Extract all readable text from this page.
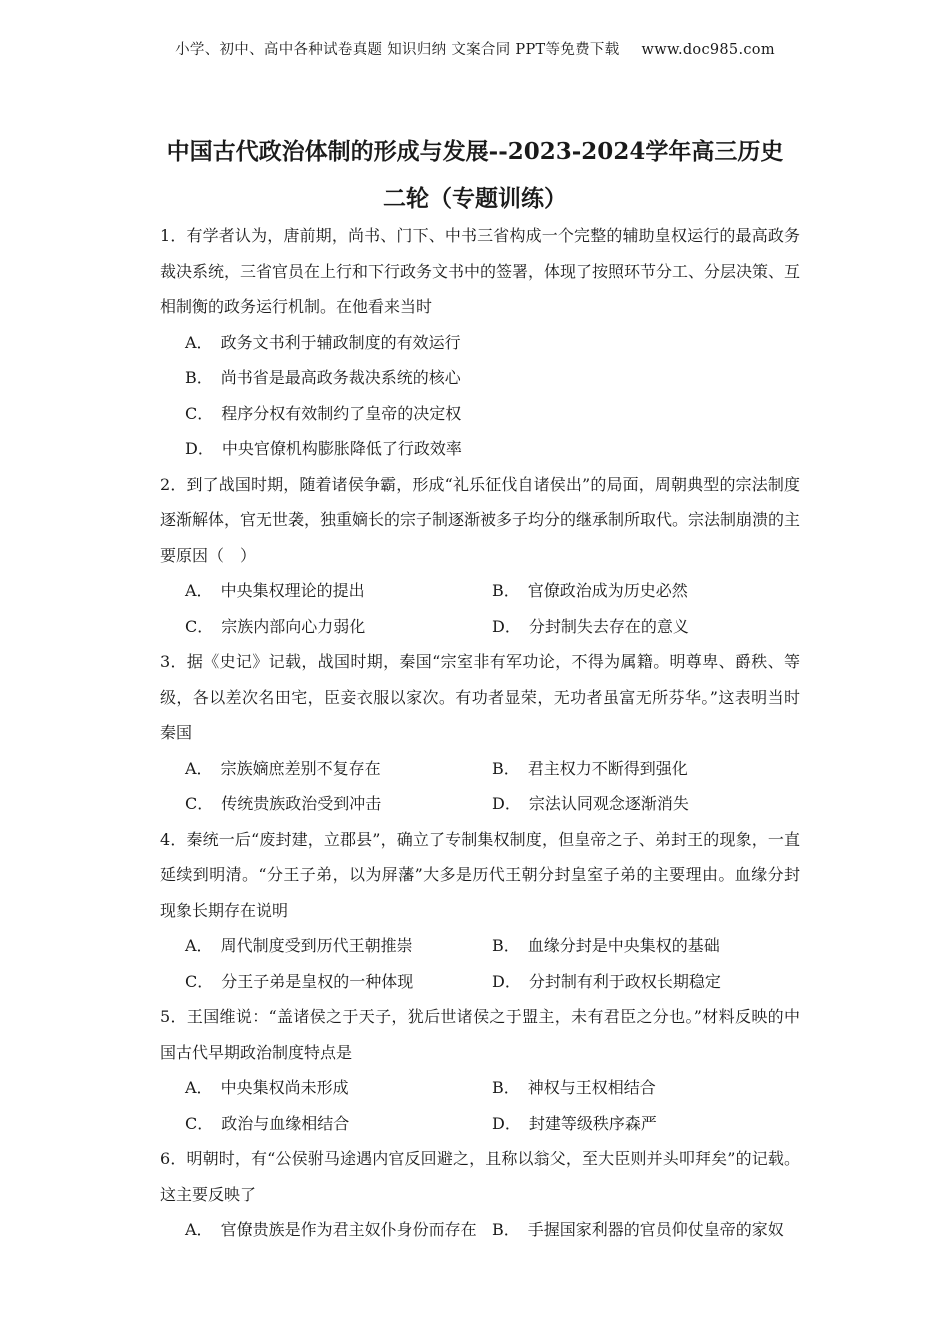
小学、初中、高中各种试卷真题 知识归纳 文案合同 PPT等免费下载 www.doc985.com
中国古代政治体制的形成与发展--2023-2024学年高三历史
二轮（专题训练）

1．有学者认为，唐前期，尚书、门下、中书三省构成一个完整的辅助皇权运行的最高政务裁决系统，三省官员在上行和下行政务文书中的签署，体现了按照环节分工、分层决策、互相制衡的政务运行机制。在他看来当时

A． 政务文书利于辅政制度的有效运行
B． 尚书省是最高政务裁决系统的核心
C． 程序分权有效制约了皇帝的决定权
D． 中央官僚机构膨胀降低了行政效率

2．到了战国时期，随着诸侯争霸，形成“礼乐征伐自诸侯出”的局面，周朝典型的宗法制度逐渐解体，官无世袭，独重嫡长的宗子制逐渐被多子均分的继承制所取代。宗法制崩溃的主要原因（　）

A． 中央集权理论的提出	B． 官僚政治成为历史必然
C． 宗族内部向心力弱化	D． 分封制失去存在的意义

3．据《史记》记载，战国时期，秦国“宗室非有军功论，不得为属籍。明尊卑、爵秩、等级，各以差次名田宅，臣妾衣服以家次。有功者显荣，无功者虽富无所芬华。”这表明当时秦国

A． 宗族嫡庶差别不复存在	B． 君主权力不断得到强化
C． 传统贵族政治受到冲击	D． 宗法认同观念逐渐消失

4．秦统一后“废封建，立郡县”，确立了专制集权制度，但皇帝之子、弟封王的现象，一直延续到明清。“分王子弟，以为屏藩”大多是历代王朝分封皇室子弟的主要理由。血缘分封现象长期存在说明

A． 周代制度受到历代王朝推崇	B． 血缘分封是中央集权的基础
C． 分王子弟是皇权的一种体现	D． 分封制有利于政权长期稳定

5．王国维说：“盖诸侯之于天子，犹后世诸侯之于盟主，未有君臣之分也。”材料反映的中国古代早期政治制度特点是

A． 中央集权尚未形成	B． 神权与王权相结合
C． 政治与血缘相结合	D． 封建等级秩序森严

6．明朝时，有“公侯驸马途遇内官反回避之，且称以翁父，至大臣则并头叩拜矣”的记载。这主要反映了

A． 官僚贵族是作为君主奴仆身份而存在 B． 手握国家利器的官员仰仗皇帝的家奴
